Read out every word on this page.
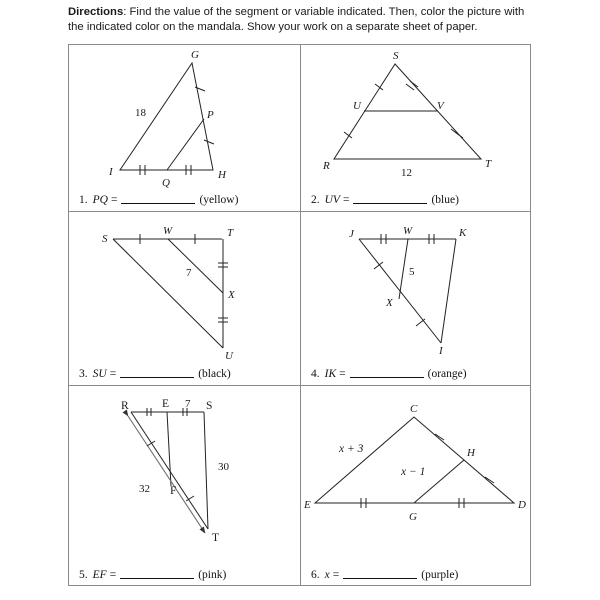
Directions: Find the value of the segment or variable indicated. Then, color the picture with the indicated color on the mandala. Show your work on a separate sheet of paper.
G
I	H
P
Q
18
1. PQ =	(yellow)
S
U	V
R	T
12
2. UV =	(blue)
S
W	T
X
U
7
3. SU =	(black)
J	W	K
X
I
5
4. IK =	(orange)
R	E	S
F
T
7
30
32
5. EF =	(pink)
C
H
E
G
D
x + 3
x − 1
6. x =	(purple)
